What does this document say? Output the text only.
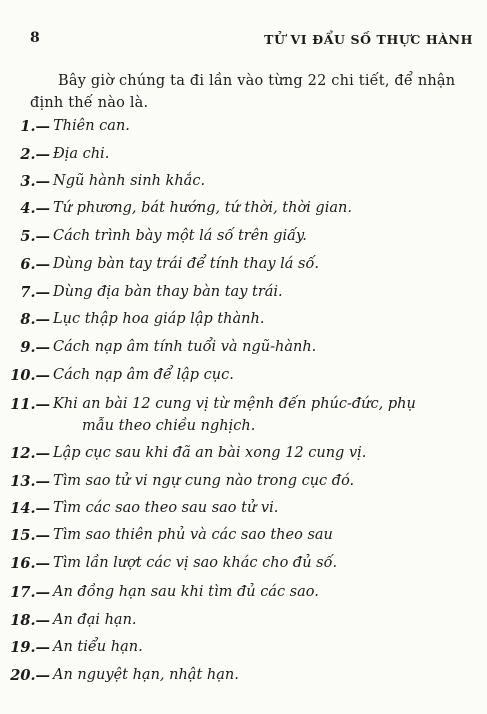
8	TỬ VI ĐẨU SỐ THỰC HÀNH
Bây giờ chúng ta đi lần vào từng 22 chi tiết, để nhận
định thế nào là.
1.— Thiên can.
2.— Địa chi.
3.— Ngũ hành sinh khắc.
4.— Tứ phương, bát hướng, tứ thời, thời gian.
5.— Cách trình bày một lá số trên giấy.
6.— Dùng bàn tay trái để tính thay lá số.
7.— Dùng địa bàn thay bàn tay trái.
8.— Lục thập hoa giáp lập thành.
9.— Cách nạp âm tính tuổi và ngũ-hành.
10.— Cách nạp âm để lập cục.
11.— Khi an bài 12 cung vị từ mệnh đến phúc-đức, phụ
mẫu theo chiều nghịch.
12.— Lập cục sau khi đã an bài xong 12 cung vị.
13.— Tìm sao tử vi ngự cung nào trong cục đó.
14.— Tìm các sao theo sau sao tử vi.
15.— Tìm sao thiên phủ và các sao theo sau
16.— Tìm lần lượt các vị sao khác cho đủ số.
17.— An đồng hạn sau khi tìm đủ các sao.
18.— An đại hạn.
19.— An tiểu hạn.
20.— An nguyệt hạn, nhật hạn.
